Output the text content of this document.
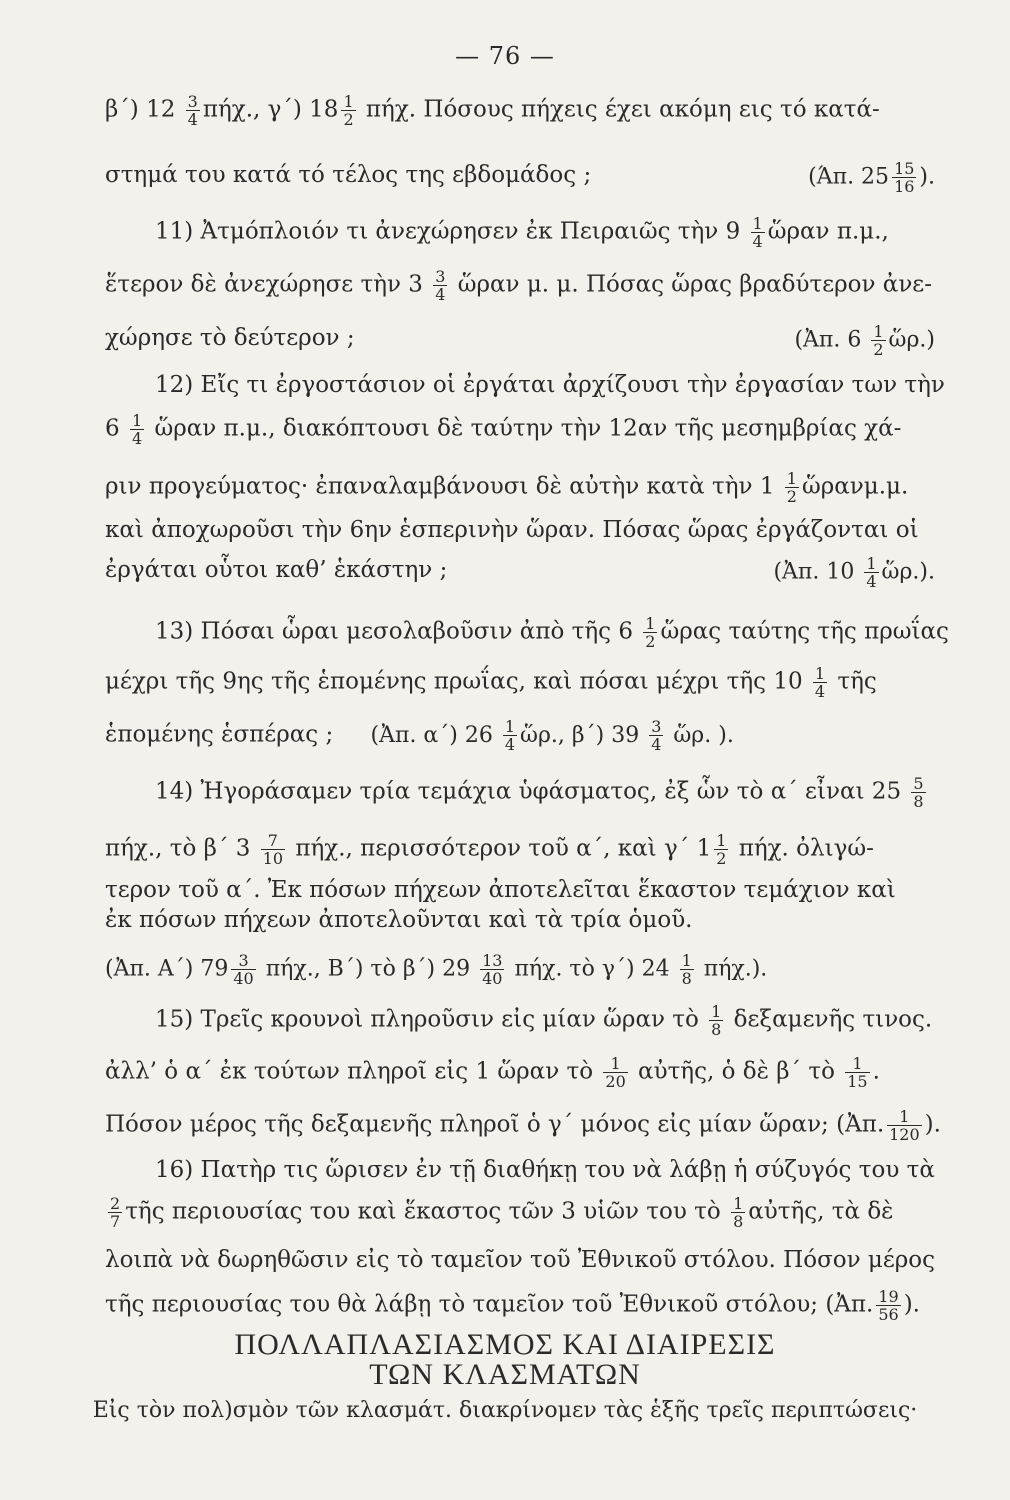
— 76 —
β΄) $12 \frac{3}{4} \pi ή\chi$., γ΄) $18 \frac{1}{2} \pi ή\chi$. Πόσους πήχεις έχει ακόμη εις τό κατά-
στημά του κατά τό τέλος της εβδομάδος ;	(Άπ. $25 \frac{15}{16}$ ).
11) Ἀτμόπλοιόν τι ἀνεχώρησεν ἐκ Πειραιῶς τὴν $9 \frac{1}{4}$ ὥραν π.μ.,
ἕτερον δὲ ἀνεχώρησε τὴν $3 \frac{3}{4}$ ὥραν μ. μ. Πόσας ὥρας βραδύτερον ἀνε-
χώρησε τὸ δεύτερον ;	(Ἀπ. $6 \frac{1}{2}$ ὥρ.)
12) Εἴς τι ἐργοστάσιον οἱ ἐργάται ἀρχίζουσι τὴν ἐργασίαν των τὴν
$6 \frac{1}{4}$ ὥραν π.μ., διακόπτουσι δὲ ταύτην τὴν 12αν τῆς μεσημβρίας χά-
ριν προγεύματος· ἐπαναλαμβάνουσι δὲ αὐτὴν κατὰ τὴν $1 \frac{1}{2}$ ὥρανμ.μ.
καὶ ἀποχωροῦσι τὴν 6ην ἑσπερινὴν ὥραν. Πόσας ὥρας ἐργάζονται οἱ
ἐργάται οὗτοι καθ’ ἑκάστην ;	(Ἀπ. $10 \frac{1}{4}$ ὥρ.).
13) Πόσαι ὧραι μεσολαβοῦσιν ἀπὸ τῆς $6 \frac{1}{2}$ ὥρας ταύτης τῆς πρωΐας
μέχρι τῆς 9ης τῆς ἑπομένης πρωΐας, καὶ πόσαι μέχρι τῆς $10 \frac{1}{4}$ τῆς
ἑπομένης ἑσπέρας ; (Ἀπ. α΄) $26 \frac{1}{4}$ ὥρ., β΄) $39 \frac{3}{4}$ ὥρ. ).
14) Ἠγοράσαμεν τρία τεμάχια ὑφάσματος, ἐξ ὧν τὸ α΄ εἶναι $25 \frac{5}{8}$
πήχ., τὸ β΄ $3 \frac{7}{10} \pi ή\chi$., περισσότερον τοῦ α΄, καὶ γ΄ $1 \frac{1}{2} \pi ή\chi$. ὀλιγώ-
τερον τοῦ α΄. Ἐκ πόσων πήχεων ἀποτελεῖται ἕκαστον τεμάχιον καὶ
ἐκ πόσων πήχεων ἀποτελοῦνται καὶ τὰ τρία ὁμοῦ.
(Ἀπ. Α΄) $79 \frac{3}{40} \pi ή\chi$., Β΄) τὸ β΄) $29 \frac{13}{40} \pi ή\chi$. τὸ γ΄) $24 \frac{1}{8} \pi ή\chi$.).
15) Τρεῖς κρουνοὶ πληροῦσιν εἰς μίαν ὥραν τὸ $\frac{1}{8}$ δεξαμενῆς τινος.
ἀλλ’ ὁ α΄ ἐκ τούτων πληροῖ εἰς 1 ὥραν τὸ $\frac{1}{20}$ αὐτῆς, ὁ δὲ β΄ τὸ $\frac{1}{15}$ .
Πόσον μέρος τῆς δεξαμενῆς πληροῖ ὁ γ΄ μόνος εἰς μίαν ὥραν; (Ἀπ. $\frac{1}{120}$ ).
16) Πατὴρ τις ὥρισεν ἐν τῇ διαθήκῃ του νὰ λάβῃ ἡ σύζυγός του τὰ
$\frac{2}{7}$ τῆς περιουσίας του καὶ ἕκαστος τῶν 3 υἱῶν του τὸ $\frac{1}{8}$ αὐτῆς, τὰ δὲ
λοιπὰ νὰ δωρηθῶσιν εἰς τὸ ταμεῖον τοῦ Ἐθνικοῦ στόλου. Πόσον μέρος
τῆς περιουσίας του θὰ λάβῃ τὸ ταμεῖον τοῦ Ἐθνικοῦ στόλου; (Ἀπ. $\frac{19}{56}$ ).
ΠΟΛΛΑΠΛΑΣΙΑΣΜΟΣ ΚΑΙ ΔΙΑΙΡΕΣΙΣ
ΤΩΝ ΚΛΑΣΜΑΤΩΝ
Εἰς τὸν πολ)σμὸν τῶν κλασμάτ. διακρίνομεν τὰς ἑξῆς τρεῖς περιπτώσεις·
